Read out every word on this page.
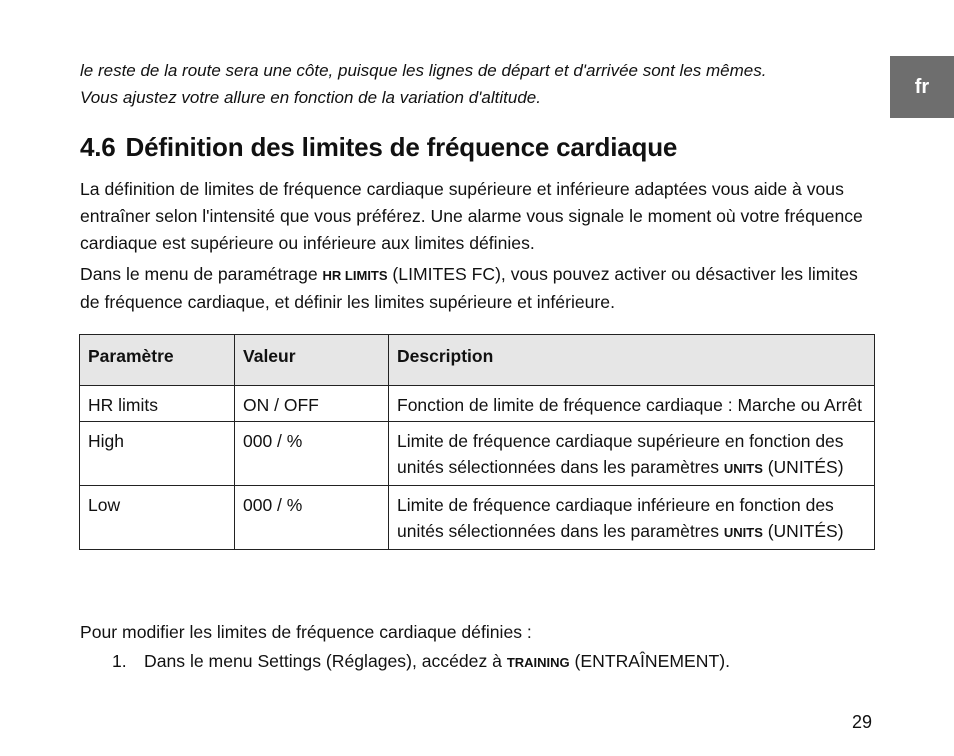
fr

le reste de la route sera une côte, puisque les lignes de départ et d'arrivée sont les mêmes.
Vous ajustez votre allure en fonction de la variation d'altitude.

4.6 Définition des limites de fréquence cardiaque

La définition de limites de fréquence cardiaque supérieure et inférieure adaptées vous aide à vous entraîner selon l'intensité que vous préférez. Une alarme vous signale le moment où votre fréquence cardiaque est supérieure ou inférieure aux limites définies.

Dans le menu de paramétrage HR LIMITS (LIMITES FC), vous pouvez activer ou désactiver les limites de fréquence cardiaque, et définir les limites supérieure et inférieure.

Paramètre	Valeur	Description
HR limits	ON / OFF	Fonction de limite de fréquence cardiaque : Marche ou Arrêt
High	000 / %	Limite de fréquence cardiaque supérieure en fonction des unités sélectionnées dans les paramètres UNITS (UNITÉS)
Low	000 / %	Limite de fréquence cardiaque inférieure en fonction des unités sélectionnées dans les paramètres UNITS (UNITÉS)

Pour modifier les limites de fréquence cardiaque définies :

1. Dans le menu Settings (Réglages), accédez à TRAINING (ENTRAÎNEMENT).

29
